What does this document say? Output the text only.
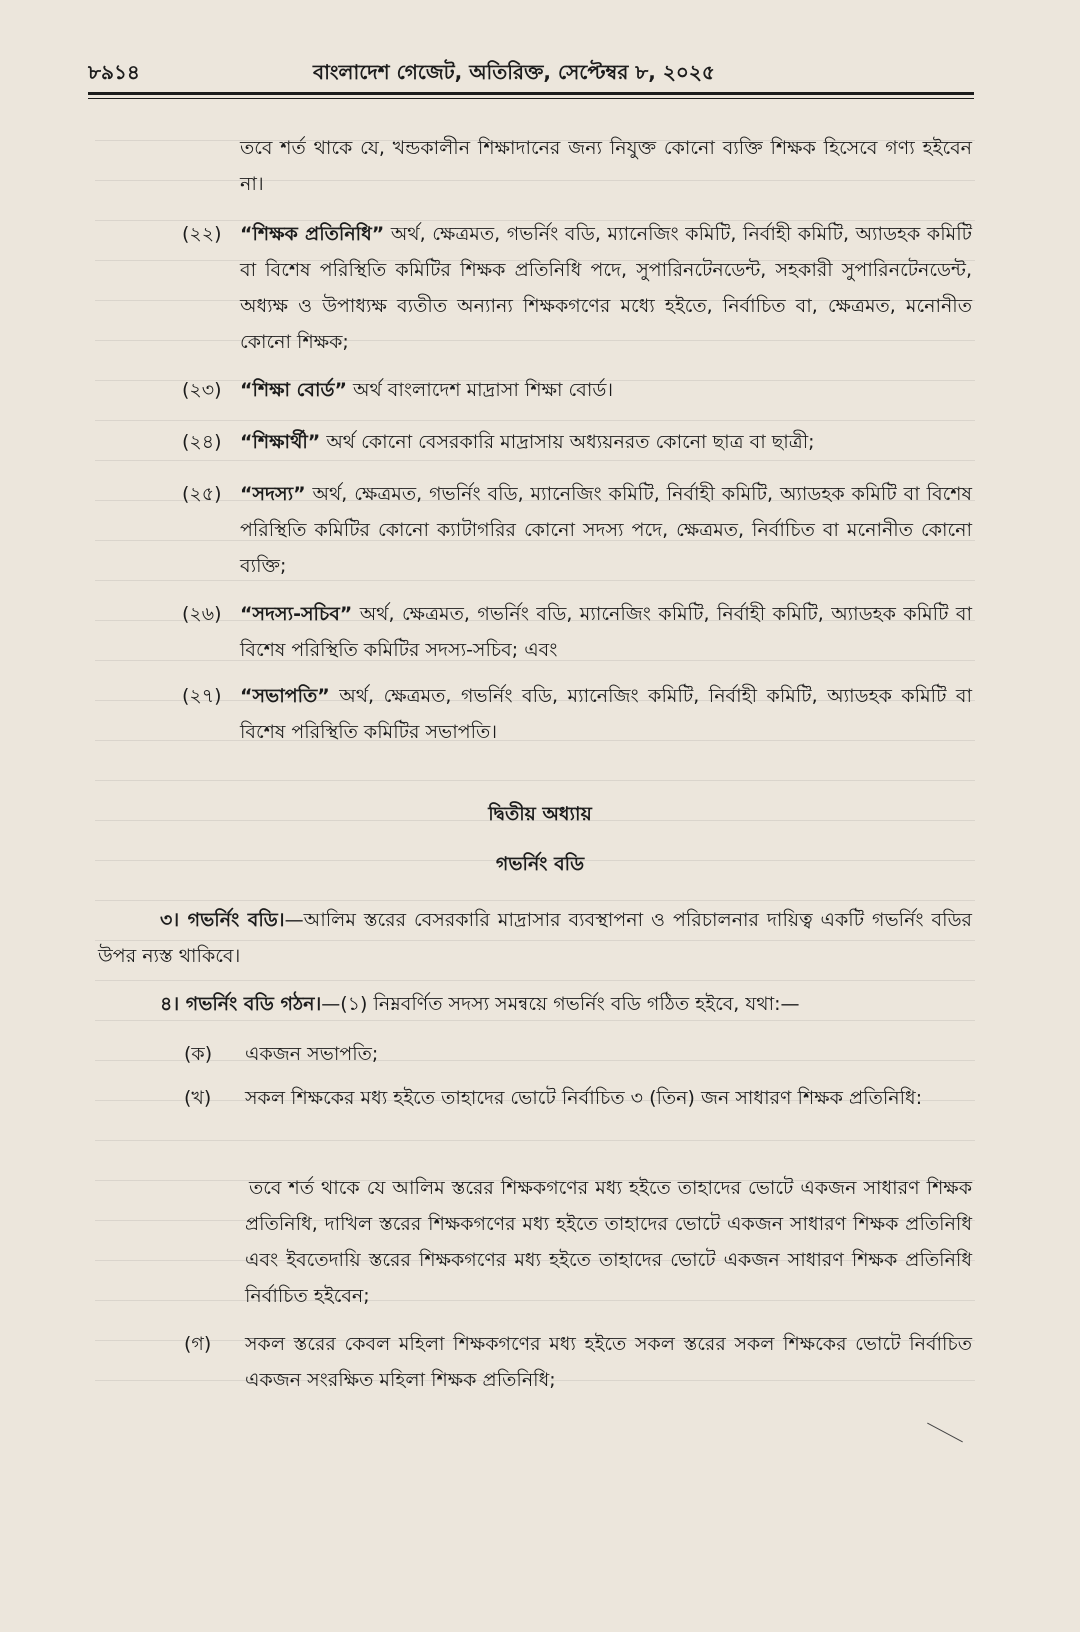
৮৯১৪	বাংলাদেশ গেজেট, অতিরিক্ত, সেপ্টেম্বর ৮, ২০২৫
তবে শর্ত থাকে যে, খন্ডকালীন শিক্ষাদানের জন্য নিযুক্ত কোনো ব্যক্তি শিক্ষক হিসেবে গণ্য হইবেন না।
(২২) “শিক্ষক প্রতিনিধি” অর্থ, ক্ষেত্রমত, গভর্নিং বডি, ম্যানেজিং কমিটি, নির্বাহী কমিটি, অ্যাডহক কমিটি বা বিশেষ পরিস্থিতি কমিটির শিক্ষক প্রতিনিধি পদে, সুপারিনটেনডেন্ট, সহকারী সুপারিনটেনডেন্ট, অধ্যক্ষ ও উপাধ্যক্ষ ব্যতীত অন্যান্য শিক্ষকগণের মধ্যে হইতে, নির্বাচিত বা, ক্ষেত্রমত, মনোনীত কোনো শিক্ষক;
(২৩) “শিক্ষা বোর্ড” অর্থ বাংলাদেশ মাদ্রাসা শিক্ষা বোর্ড।
(২৪) “শিক্ষার্থী” অর্থ কোনো বেসরকারি মাদ্রাসায় অধ্যয়নরত কোনো ছাত্র বা ছাত্রী;
(২৫) “সদস্য” অর্থ, ক্ষেত্রমত, গভর্নিং বডি, ম্যানেজিং কমিটি, নির্বাহী কমিটি, অ্যাডহক কমিটি বা বিশেষ পরিস্থিতি কমিটির কোনো ক্যাটাগরির কোনো সদস্য পদে, ক্ষেত্রমত, নির্বাচিত বা মনোনীত কোনো ব্যক্তি;
(২৬) “সদস্য-সচিব” অর্থ, ক্ষেত্রমত, গভর্নিং বডি, ম্যানেজিং কমিটি, নির্বাহী কমিটি, অ্যাডহক কমিটি বা বিশেষ পরিস্থিতি কমিটির সদস্য-সচিব; এবং
(২৭) “সভাপতি” অর্থ, ক্ষেত্রমত, গভর্নিং বডি, ম্যানেজিং কমিটি, নির্বাহী কমিটি, অ্যাডহক কমিটি বা বিশেষ পরিস্থিতি কমিটির সভাপতি।
দ্বিতীয় অধ্যায়
গভর্নিং বডি
৩। গভর্নিং বডি।—আলিম স্তরের বেসরকারি মাদ্রাসার ব্যবস্থাপনা ও পরিচালনার দায়িত্ব একটি গভর্নিং বডির উপর ন্যস্ত থাকিবে।
৪। গভর্নিং বডি গঠন।—(১) নিম্নবর্ণিত সদস্য সমন্বয়ে গভর্নিং বডি গঠিত হইবে, যথা:—
(ক) একজন সভাপতি;
(খ) সকল শিক্ষকের মধ্য হইতে তাহাদের ভোটে নির্বাচিত ৩ (তিন) জন সাধারণ শিক্ষক প্রতিনিধি:
তবে শর্ত থাকে যে আলিম স্তরের শিক্ষকগণের মধ্য হইতে তাহাদের ভোটে একজন সাধারণ শিক্ষক প্রতিনিধি, দাখিল স্তরের শিক্ষকগণের মধ্য হইতে তাহাদের ভোটে একজন সাধারণ শিক্ষক প্রতিনিধি এবং ইবতেদায়ি স্তরের শিক্ষকগণের মধ্য হইতে তাহাদের ভোটে একজন সাধারণ শিক্ষক প্রতিনিধি নির্বাচিত হইবেন;
(গ) সকল স্তরের কেবল মহিলা শিক্ষকগণের মধ্য হইতে সকল স্তরের সকল শিক্ষকের ভোটে নির্বাচিত একজন সংরক্ষিত মহিলা শিক্ষক প্রতিনিধি;
